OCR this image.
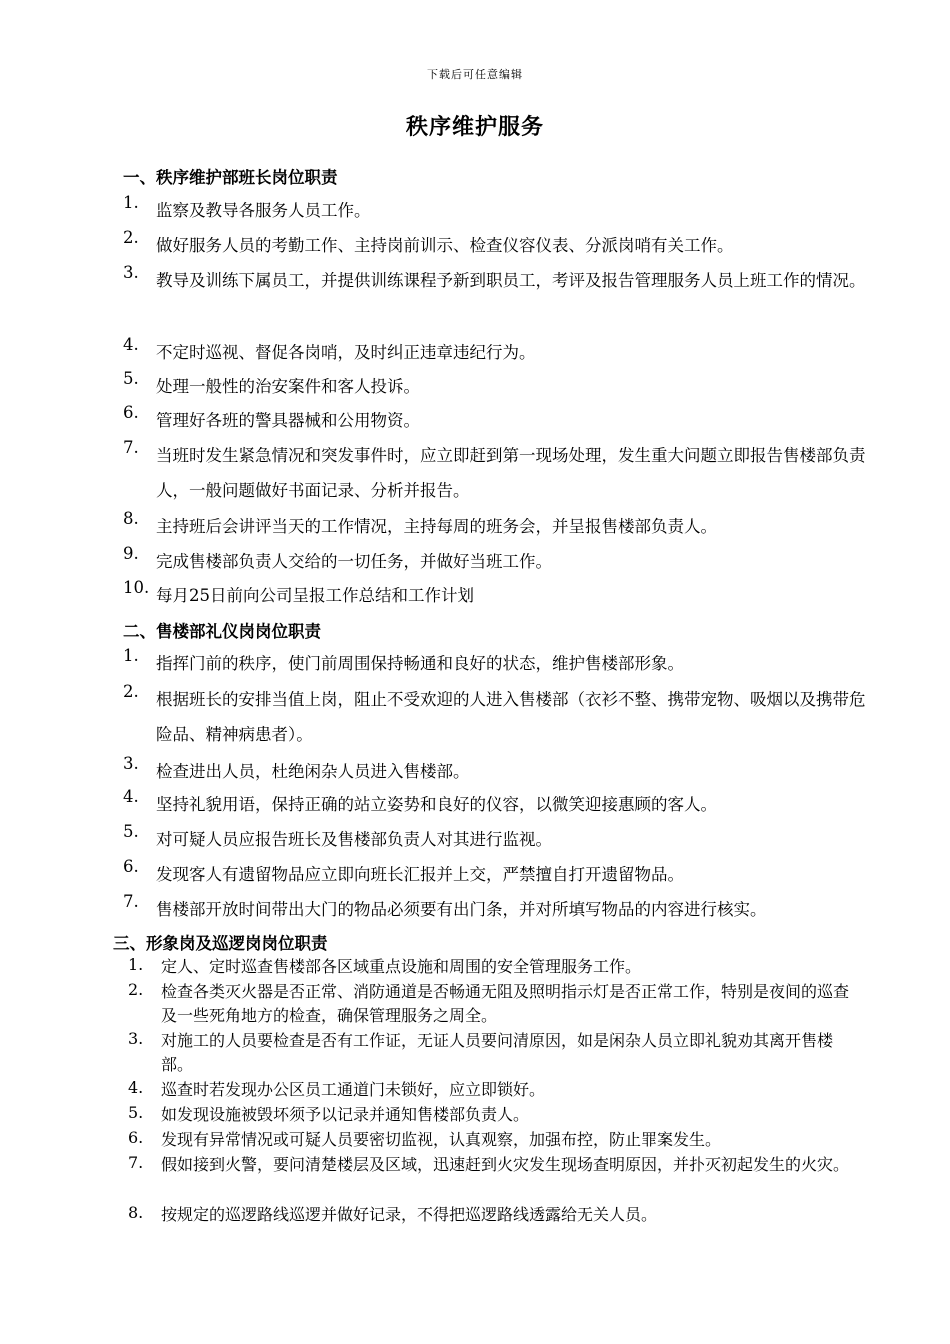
下载后可任意编辑
秩序维护服务
一、秩序维护部班长岗位职责
1. 监察及教导各服务人员工作。
2. 做好服务人员的考勤工作、主持岗前训示、检查仪容仪表、分派岗哨有关工作。
3. 教导及训练下属员工，并提供训练课程予新到职员工，考评及报告管理服务人员上班工作的情况。
4. 不定时巡视、督促各岗哨，及时纠正违章违纪行为。
5. 处理一般性的治安案件和客人投诉。
6. 管理好各班的警具器械和公用物资。
7. 当班时发生紧急情况和突发事件时，应立即赶到第一现场处理，发生重大问题立即报告售楼部负责人，一般问题做好书面记录、分析并报告。
8. 主持班后会讲评当天的工作情况，主持每周的班务会，并呈报售楼部负责人。
9. 完成售楼部负责人交给的一切任务，并做好当班工作。
10. 每月25日前向公司呈报工作总结和工作计划
二、售楼部礼仪岗岗位职责
1. 指挥门前的秩序，使门前周围保持畅通和良好的状态，维护售楼部形象。
2. 根据班长的安排当值上岗，阻止不受欢迎的人进入售楼部（衣衫不整、携带宠物、吸烟以及携带危险品、精神病患者）。
3. 检查进出人员，杜绝闲杂人员进入售楼部。
4. 坚持礼貌用语，保持正确的站立姿势和良好的仪容，以微笑迎接惠顾的客人。
5. 对可疑人员应报告班长及售楼部负责人对其进行监视。
6. 发现客人有遗留物品应立即向班长汇报并上交，严禁擅自打开遗留物品。
7. 售楼部开放时间带出大门的物品必须要有出门条，并对所填写物品的内容进行核实。
三、形象岗及巡逻岗岗位职责
1. 定人、定时巡查售楼部各区域重点设施和周围的安全管理服务工作。
2. 检查各类灭火器是否正常、消防通道是否畅通无阻及照明指示灯是否正常工作，特别是夜间的巡查及一些死角地方的检查，确保管理服务之周全。
3. 对施工的人员要检查是否有工作证，无证人员要问清原因，如是闲杂人员立即礼貌劝其离开售楼部。
4. 巡查时若发现办公区员工通道门未锁好，应立即锁好。
5. 如发现设施被毁坏须予以记录并通知售楼部负责人。
6. 发现有异常情况或可疑人员要密切监视，认真观察，加强布控，防止罪案发生。
7. 假如接到火警，要问清楚楼层及区域，迅速赶到火灾发生现场查明原因，并扑灭初起发生的火灾。
8. 按规定的巡逻路线巡逻并做好记录，不得把巡逻路线透露给无关人员。
